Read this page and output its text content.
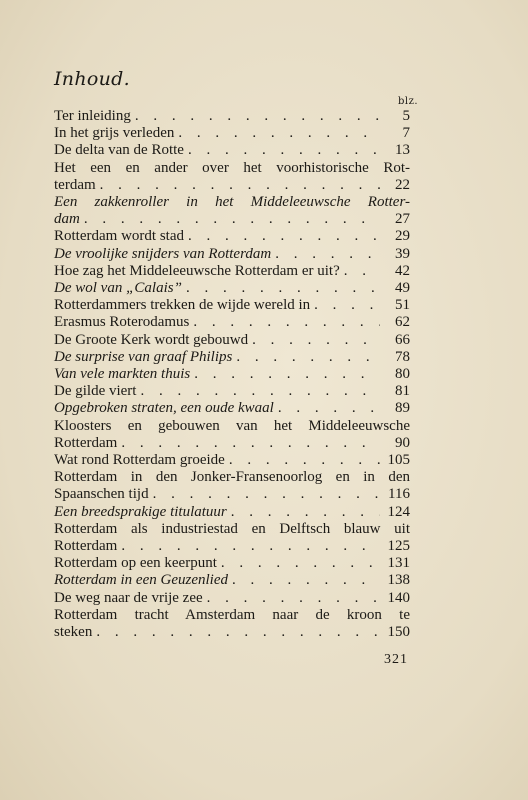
Inhoud.
blz.
Ter inleiding . . .	5
In het grijs verleden . . .	7
De delta van de Rotte . . .	13
Het een en ander over het voorhistorische Rot-
terdam . . .	22
Een zakkenroller in het Middeleeuwsche Rotter-
dam . . .	27
Rotterdam wordt stad . . .	29
De vroolijke snijders van Rotterdam . . .	39
Hoe zag het Middeleeuwsche Rotterdam er uit? . . .	42
De wol van „Calais” . . .	49
Rotterdammers trekken de wijde wereld in . . .	51
Erasmus Roterodamus . . .	62
De Groote Kerk wordt gebouwd . . .	66
De surprise van graaf Philips . . .	78
Van vele markten thuis . . .	80
De gilde viert . . .	81
Opgebroken straten, een oude kwaal . . .	89
Kloosters en gebouwen van het Middeleeuwsche
Rotterdam . . .	90
Wat rond Rotterdam groeide . . .	105
Rotterdam in den Jonker-Fransenoorlog en in den
Spaanschen tijd . . .	116
Een breedsprakige titulatuur . . .	124
Rotterdam als industriestad en Delftsch blauw uit
Rotterdam . . .	125
Rotterdam op een keerpunt . . .	131
Rotterdam in een Geuzenlied . . .	138
De weg naar de vrije zee . . .	140
Rotterdam tracht Amsterdam naar de kroon te
steken . . .	150
321
